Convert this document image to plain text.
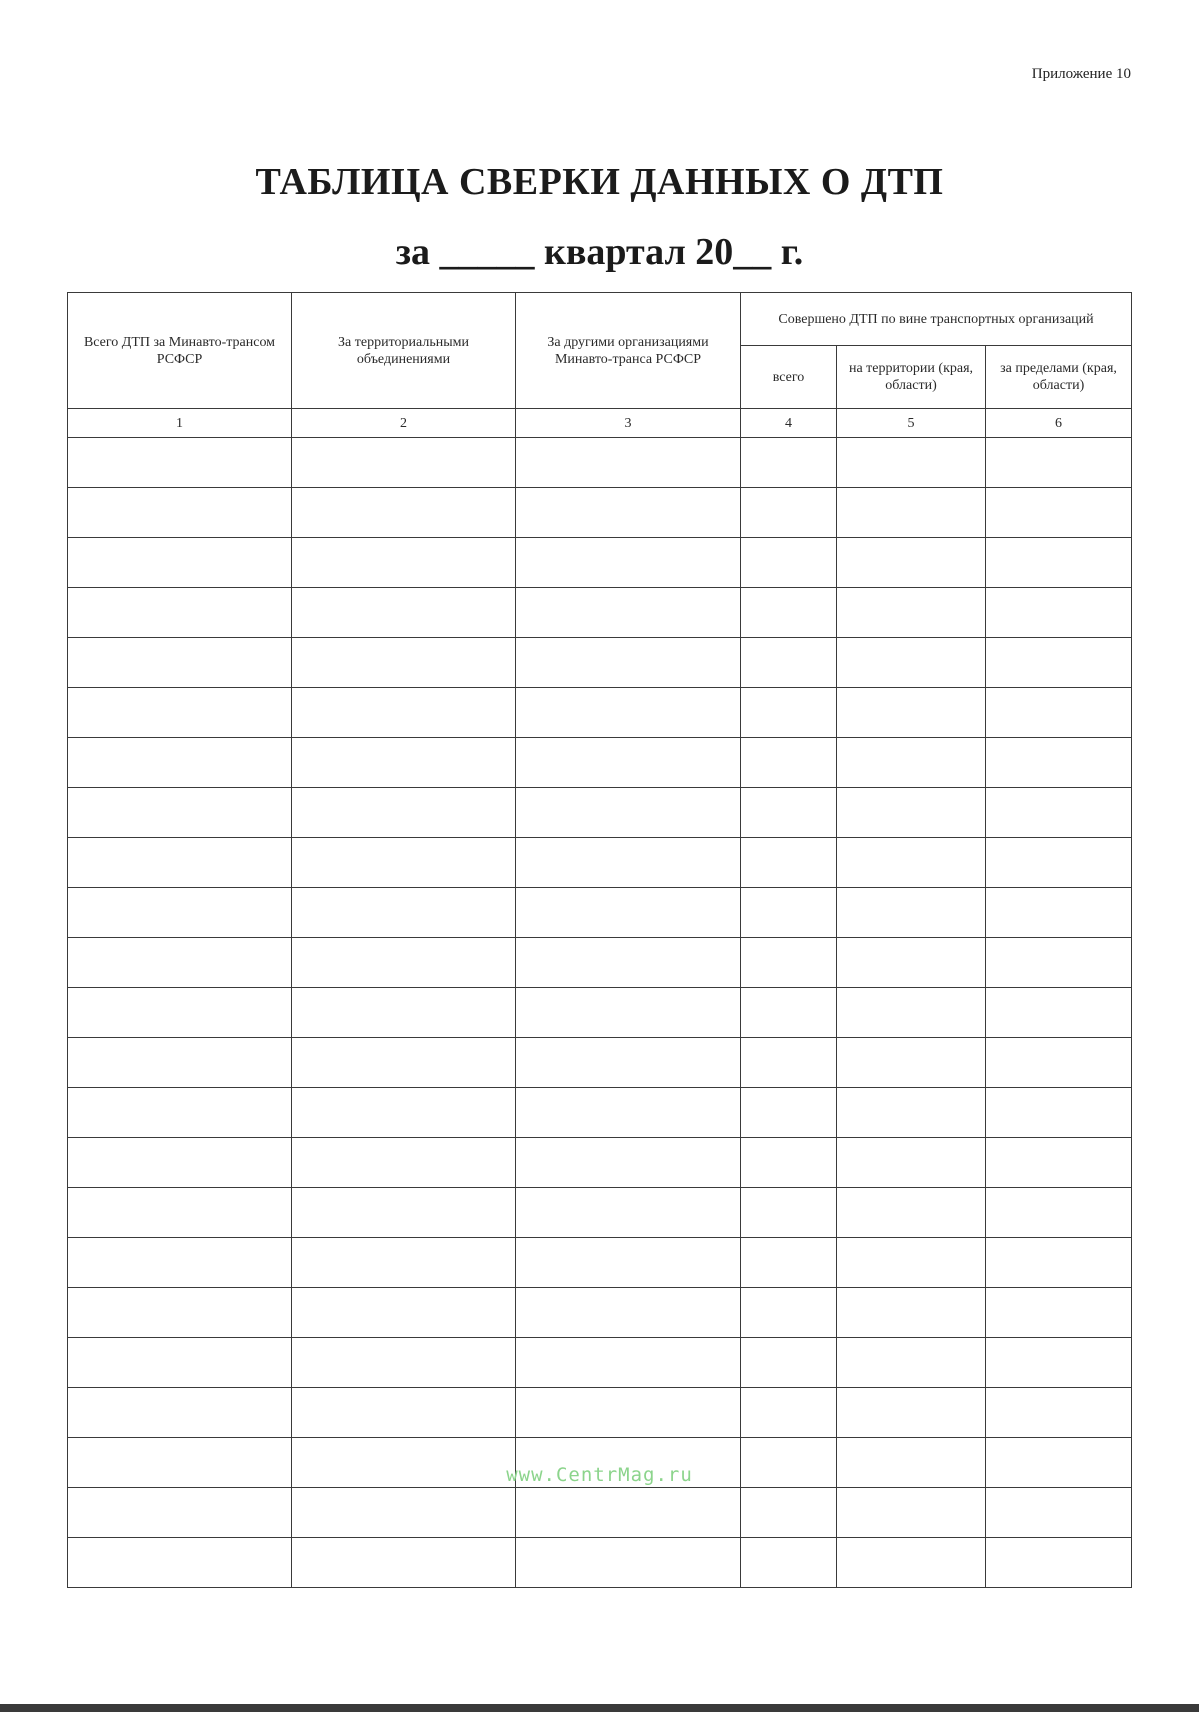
Приложение 10
ТАБЛИЦА СВЕРКИ ДАННЫХ О ДТП
за _____ квартал 20__ г.
Всего ДТП за Минавто-трансом РСФСР	За территориальными объединениями	За другими организациями Минавто-транса РСФСР	Совершено ДТП по вине транспортных организаций		
			всего	на территории (края, области)	за пределами (края, области)
1	2	3	4	5	6

www.CentrMag.ru
